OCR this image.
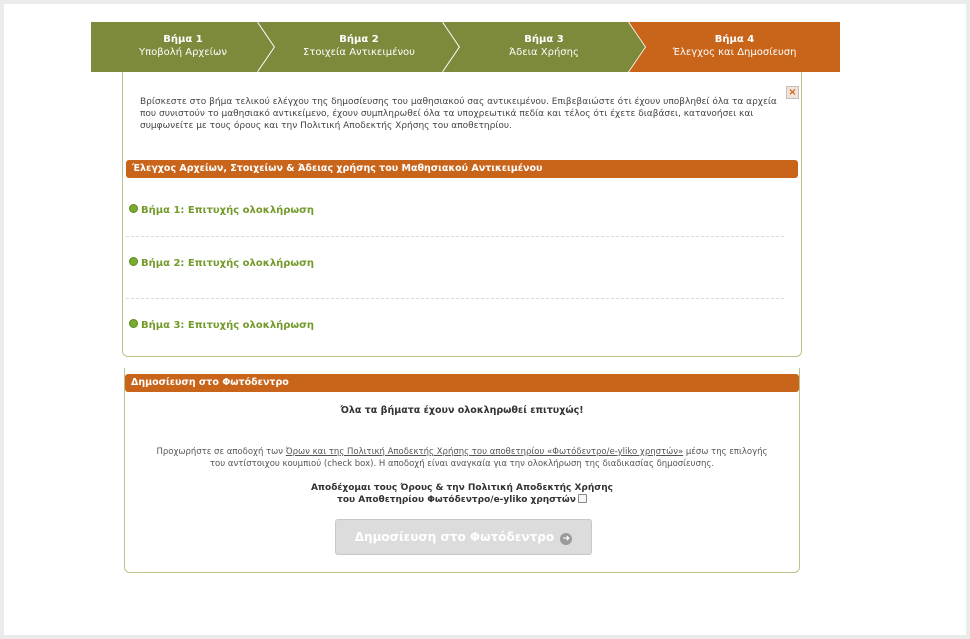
Βήμα 1
Υποβολή Αρχείων
Βήμα 2
Στοιχεία Αντικειμένου
Βήμα 3
Άδεια Χρήσης
Βήμα 4
Έλεγχος και Δημοσίευση
×
Βρίσκεστε στο βήμα τελικού ελέγχου της δημοσίευσης του μαθησιακού σας αντικειμένου. Επιβεβαιώστε ότι έχουν υποβληθεί όλα τα αρχεία που συνιστούν το μαθησιακό αντικείμενο, έχουν συμπληρωθεί όλα τα υποχρεωτικά πεδία και τέλος ότι έχετε διαβάσει, κατανοήσει και συμφωνείτε με τους όρους και την Πολιτική Αποδεκτής Χρήσης του αποθετηρίου.
Έλεγχος Αρχείων, Στοιχείων & Άδειας χρήσης του Μαθησιακού Αντικειμένου
Βήμα 1: Επιτυχής ολοκλήρωση
Βήμα 2: Επιτυχής ολοκλήρωση
Βήμα 3: Επιτυχής ολοκλήρωση
Δημοσίευση στο Φωτόδεντρο
Όλα τα βήματα έχουν ολοκληρωθεί επιτυχώς!
Προχωρήστε σε αποδοχή των Όρων και της Πολιτική Αποδεκτής Χρήσης του αποθετηρίου «Φωτόδεντρο/e-yliko χρηστών» μέσω της επιλογής του αντίστοιχου κουμπιού (check box). Η αποδοχή είναι αναγκαία για την ολοκλήρωση της διαδικασίας δημοσίευσης.
Αποδέχομαι τους Όρους & την Πολιτική Αποδεκτής Χρήσης
του Αποθετηρίου Φωτόδεντρο/e-yliko χρηστών
Δημοσίευση στο Φωτόδεντρο ➜
